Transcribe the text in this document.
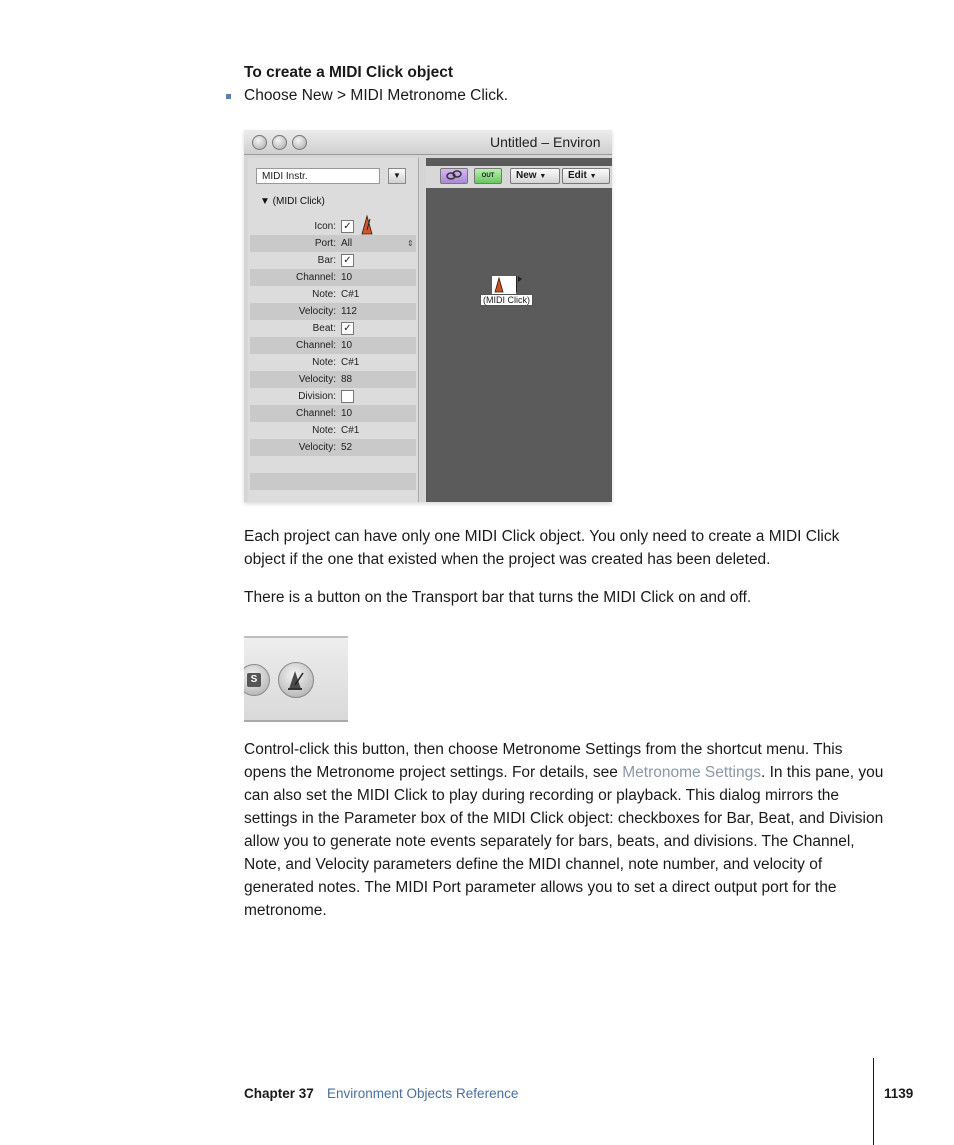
To create a MIDI Click object
Choose New > MIDI Metronome Click.
Untitled – Environ
MIDI Instr.	▼
▼ (MIDI Click)
Icon: ✓
Port: All	⇕
Bar: ✓
Channel: 10
Note: C#1
Velocity: 112
Beat: ✓
Channel: 10
Note: C#1
Velocity: 88
Division:
Channel: 10
Note: C#1
Velocity: 52
OUT	New ▼	Edit ▼
(MIDI Click)

Each project can have only one MIDI Click object. You only need to create a MIDI Click object if the one that existed when the project was created has been deleted.

There is a button on the Transport bar that turns the MIDI Click on and off.

S

Control-click this button, then choose Metronome Settings from the shortcut menu. This opens the Metronome project settings. For details, see Metronome Settings. In this pane, you can also set the MIDI Click to play during recording or playback. This dialog mirrors the settings in the Parameter box of the MIDI Click object: checkboxes for Bar, Beat, and Division allow you to generate note events separately for bars, beats, and divisions. The Channel, Note, and Velocity parameters define the MIDI channel, note number, and velocity of generated notes. The MIDI Port parameter allows you to set a direct output port for the metronome.

Chapter 37 Environment Objects Reference	1139
